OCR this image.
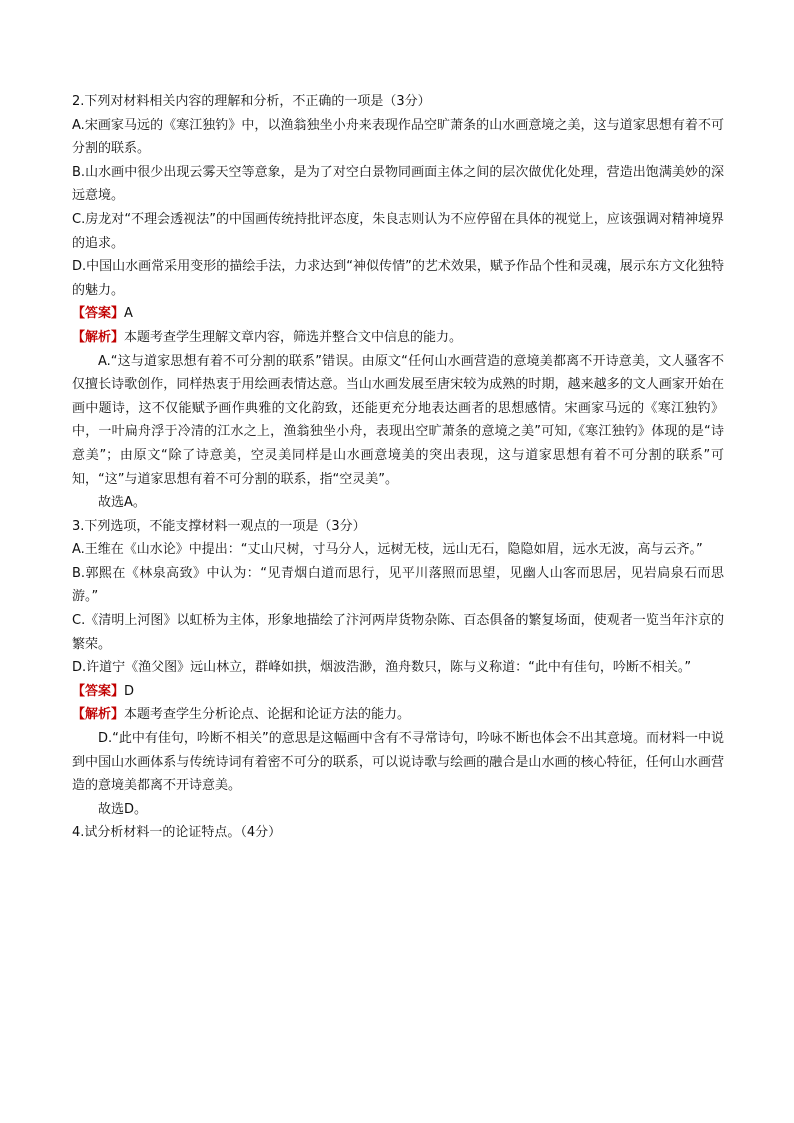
2.下列对材料相关内容的理解和分析，不正确的一项是（3分）

A.宋画家马远的《寒江独钓》中，以渔翁独坐小舟来表现作品空旷萧条的山水画意境之美，这与道家思想有着不可分割的联系。

B.山水画中很少出现云雾天空等意象，是为了对空白景物同画面主体之间的层次做优化处理，营造出饱满美妙的深远意境。

C.房龙对“不理会透视法”的中国画传统持批评态度，朱良志则认为不应停留在具体的视觉上，应该强调对精神境界的追求。

D.中国山水画常采用变形的描绘手法，力求达到“神似传情”的艺术效果，赋予作品个性和灵魂，展示东方文化独特的魅力。

【答案】A

【解析】本题考查学生理解文章内容，筛选并整合文中信息的能力。

A.“这与道家思想有着不可分割的联系”错误。由原文“任何山水画营造的意境美都离不开诗意美，文人骚客不仅擅长诗歌创作，同样热衷于用绘画表情达意。当山水画发展至唐宋较为成熟的时期，越来越多的文人画家开始在画中题诗，这不仅能赋予画作典雅的文化韵致，还能更充分地表达画者的思想感情。宋画家马远的《寒江独钓》中，一叶扁舟浮于冷清的江水之上，渔翁独坐小舟，表现出空旷萧条的意境之美”可知,《寒江独钓》体现的是“诗意美”；由原文“除了诗意美，空灵美同样是山水画意境美的突出表现，这与道家思想有着不可分割的联系”可知，“这”与道家思想有着不可分割的联系，指“空灵美”。

故选A。

3.下列选项，不能支撑材料一观点的一项是（3分）

A.王维在《山水论》中提出：“丈山尺树，寸马分人，远树无枝，远山无石，隐隐如眉，远水无波，高与云齐。”

B.郭熙在《林泉高致》中认为：“见青烟白道而思行，见平川落照而思望，见幽人山客而思居，见岩扃泉石而思游。”

C.《清明上河图》以虹桥为主体，形象地描绘了汴河两岸货物杂陈、百态俱备的繁复场面，使观者一览当年汴京的繁荣。

D.许道宁《渔父图》远山林立，群峰如拱，烟波浩渺，渔舟数只，陈与义称道：“此中有佳句，吟断不相关。”

【答案】D

【解析】本题考查学生分析论点、论据和论证方法的能力。

D.“此中有佳句，吟断不相关”的意思是这幅画中含有不寻常诗句，吟咏不断也体会不出其意境。而材料一中说到中国山水画体系与传统诗词有着密不可分的联系，可以说诗歌与绘画的融合是山水画的核心特征，任何山水画营造的意境美都离不开诗意美。

故选D。

4.试分析材料一的论证特点。（4分）
